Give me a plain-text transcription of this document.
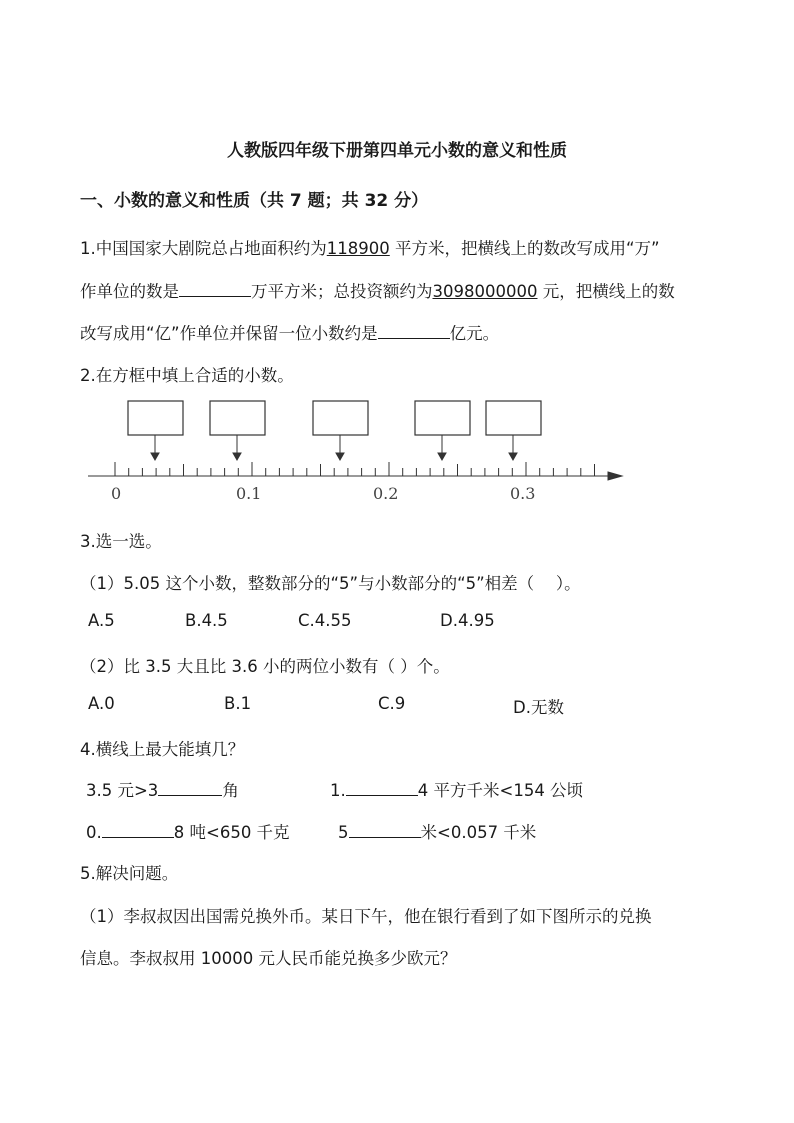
人教版四年级下册第四单元小数的意义和性质
一、小数的意义和性质（共 7 题；共 32 分）
1.中国国家大剧院总占地面积约为118900 平方米，把横线上的数改写成用“万”
作单位的数是	万平方米；总投资额约为3098000000 元，把横线上的数
改写成用“亿”作单位并保留一位小数约是	亿元。
2.在方框中填上合适的小数。
0	0.1	0.2	0.3
3.选一选。
（1）5.05 这个小数，整数部分的“5”与小数部分的“5”相差（　 ）。
A.5	B.4.5	C.4.55	D.4.95
（2）比 3.5 大且比 3.6 小的两位小数有（ ）个。
A.0	B.1	C.9	D.无数
4.横线上最大能填几？
3.5 元>3	角	1.	4 平方千米<154 公顷
0.	8 吨<650 千克	5	米<0.057 千米
5.解决问题。
（1）李叔叔因出国需兑换外币。某日下午，他在银行看到了如下图所示的兑换
信息。李叔叔用 10000 元人民币能兑换多少欧元？
